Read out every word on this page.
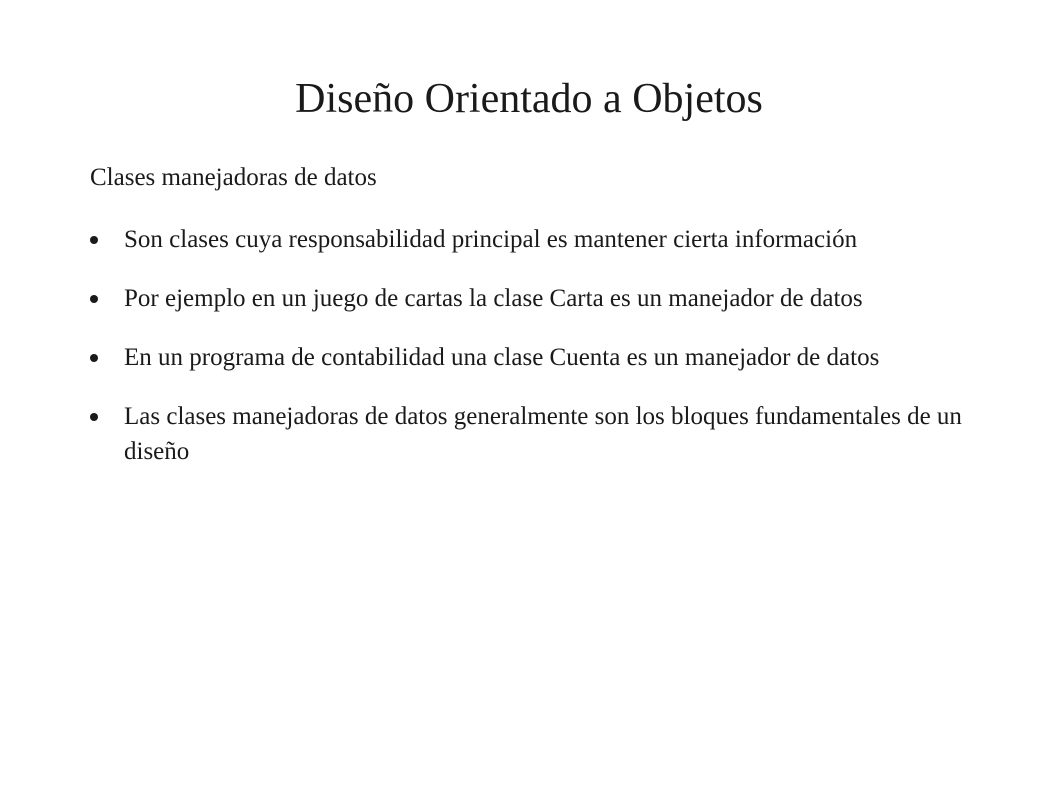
Diseño Orientado a Objetos

Clases manejadoras de datos

Son clases cuya responsabilidad principal es mantener cierta información
Por ejemplo en un juego de cartas la clase Carta es un manejador de datos
En un programa de contabilidad una clase Cuenta es un manejador de datos
Las clases manejadoras de datos generalmente son los bloques fundamentales de un diseño
